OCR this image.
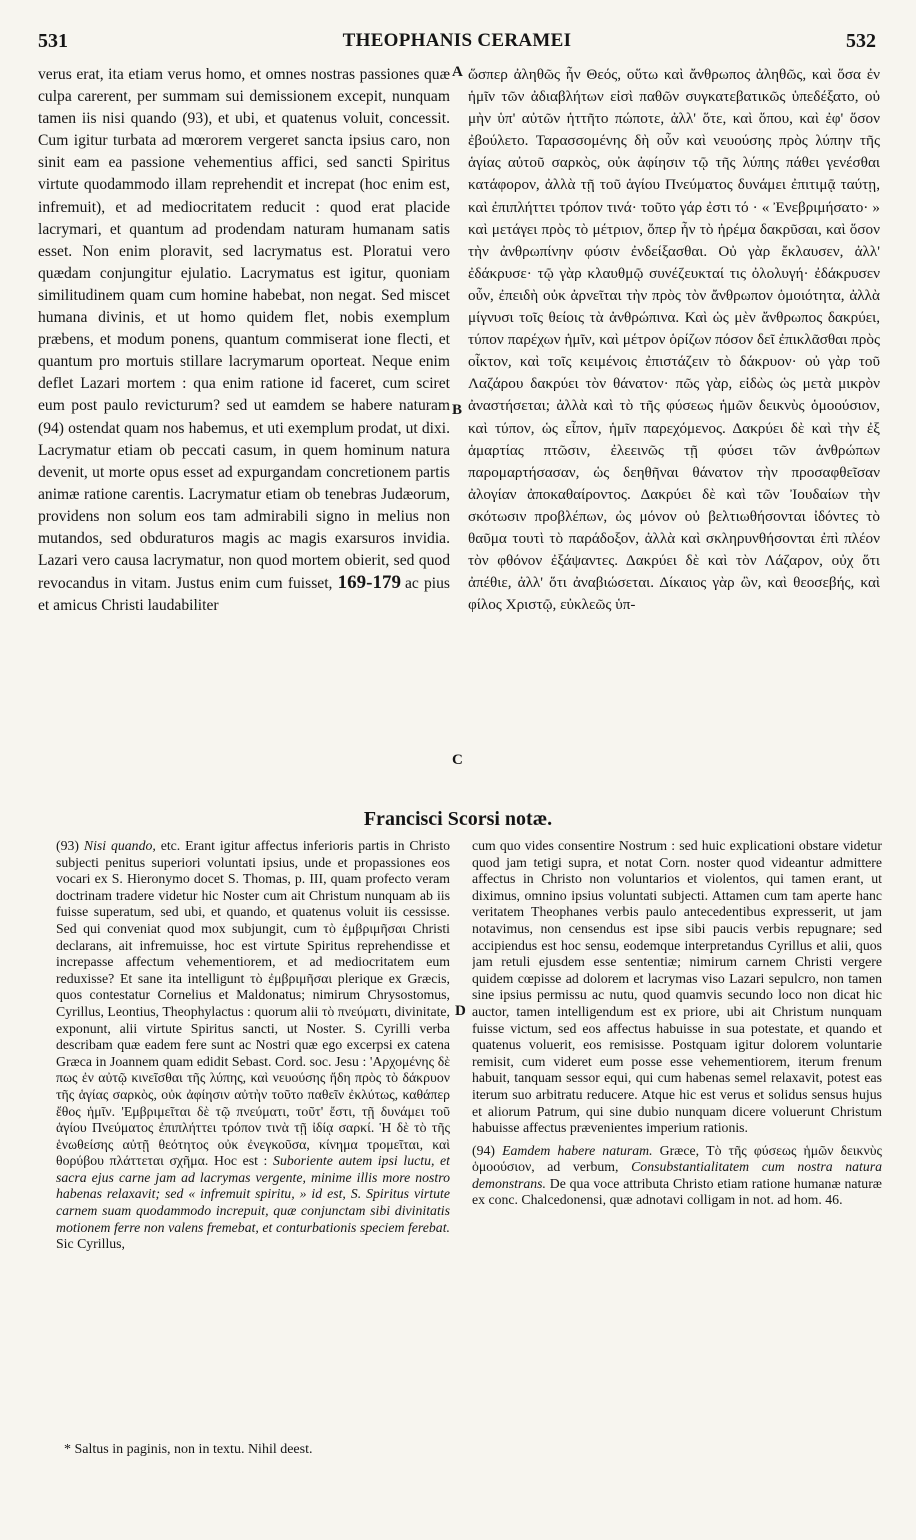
531	THEOPHANIS CERAMEI	532

verus erat, ita etiam verus homo, et omnes nostras passiones quæ culpa carerent, per summam sui demissionem excepit, nunquam tamen iis nisi quando (93), et ubi, et quatenus voluit, concessit. Cum igitur turbata ad mœrorem vergeret sancta ipsius caro, non sinit eam ea passione vehementius affici, sed sancti Spiritus virtute quodammodo illam reprehendit et increpat (hoc enim est, infremuit), et ad mediocritatem reducit : quod erat placide lacrymari, et quantum ad prodendam naturam humanam satis esset. Non enim ploravit, sed lacrymatus est. Ploratui vero quædam conjungitur ejulatio. Lacrymatus est igitur, quoniam similitudinem quam cum homine habebat, non negat. Sed miscet humana divinis, et ut homo quidem flet, nobis exemplum præbens, et modum ponens, quantum commiserat ione flecti, et quantum pro mortuis stillare lacrymarum oporteat. Neque enim deflet Lazari mortem : qua enim ratione id faceret, cum sciret eum post paulo revicturum? sed ut eamdem se habere naturam (94) ostendat quam nos habemus, et uti exemplum prodat, ut dixi. Lacrymatur etiam ob peccati casum, in quem hominum natura devenit, ut morte opus esset ad expurgandam concretionem partis animæ ratione carentis. Lacrymatur etiam ob tenebras Judæorum, providens non solum eos tam admirabili signo in melius non mutandos, sed obduraturos magis ac magis exarsuros invidia. Lazari vero causa lacrymatur, non quod mortem obierit, sed quod revocandus in vitam. Justus enim cum fuisset, 169-179 ac pius et amicus Christi laudabiliter

A
B
C
D

ὥσπερ ἀληθῶς ἦν Θεός, οὕτω καὶ ἄνθρωπος ἀληθῶς, καὶ ὅσα ἐν ἡμῖν τῶν ἀδιαβλήτων εἰσὶ παθῶν συγκατεβατικῶς ὑπεδέξατο, οὐ μὴν ὑπ' αὐτῶν ἡττῆτο πώποτε, ἀλλ' ὅτε, καὶ ὅπου, καὶ ἐφ' ὅσον ἐβούλετο. Ταρασσομένης δὴ οὖν καὶ νευούσης πρὸς λύπην τῆς ἁγίας αὐτοῦ σαρκὸς, οὐκ ἀφίησιν τῷ τῆς λύπης πάθει γενέσθαι κατάφορον, ἀλλὰ τῇ τοῦ ἁγίου Πνεύματος δυνάμει ἐπιτιμᾷ ταύτῃ, καὶ ἐπιπλήττει τρόπον τινά· τοῦτο γάρ ἐστι τό · « Ἐνεβριμήσατο· » καὶ μετάγει πρὸς τὸ μέτριον, ὅπερ ἦν τὸ ἠρέμα δακρῦσαι, καὶ ὅσον τὴν ἀνθρωπίνην φύσιν ἐνδείξασθαι. Οὐ γὰρ ἔκλαυσεν, ἀλλ' ἐδάκρυσε· τῷ γὰρ κλαυθμῷ συνέζευκταί τις ὀλολυγή· ἐδάκρυσεν οὖν, ἐπειδὴ οὐκ ἀρνεῖται τὴν πρὸς τὸν ἄνθρωπον ὁμοιότητα, ἀλλὰ μίγνυσι τοῖς θείοις τὰ ἀνθρώπινα. Καὶ ὡς μὲν ἄνθρωπος δακρύει, τύπον παρέχων ἡμῖν, καὶ μέτρον ὁρίζων πόσον δεῖ ἐπικλᾶσθαι πρὸς οἶκτον, καὶ τοῖς κειμένοις ἐπιστάζειν τὸ δάκρυον· οὐ γὰρ τοῦ Λαζάρου δακρύει τὸν θάνατον· πῶς γὰρ, εἰδὼς ὡς μετὰ μικρὸν ἀναστήσεται; ἀλλὰ καὶ τὸ τῆς φύσεως ἡμῶν δεικνὺς ὁμοούσιον, καὶ τύπον, ὡς εἶπον, ἡμῖν παρεχόμενος. Δακρύει δὲ καὶ τὴν ἐξ ἁμαρτίας πτῶσιν, ἐλεεινῶς τῇ φύσει τῶν ἀνθρώπων παρομαρτήσασαν, ὡς δεηθῆναι θάνατον τὴν προσαφθεῖσαν ἀλογίαν ἀποκαθαίροντος. Δακρύει δὲ καὶ τῶν Ἰουδαίων τὴν σκότωσιν προβλέπων, ὡς μόνον οὐ βελτιωθήσονται ἰδόντες τὸ θαῦμα τουτὶ τὸ παράδοξον, ἀλλὰ καὶ σκληρυνθήσονται ἐπὶ πλέον τὸν φθόνον ἐξάψαντες. Δακρύει δὲ καὶ τὸν Λάζαρον, οὐχ ὅτι ἀπέθιε, ἀλλ' ὅτι ἀναβιώσεται. Δίκαιος γὰρ ὢν, καὶ θεοσεβής, καὶ φίλος Χριστῷ, εὐκλεῶς ὑπ-

Francisci Scorsi notæ.

(93) Nisi quando, etc. Erant igitur affectus inferioris partis in Christo subjecti penitus superiori voluntati ipsius, unde et propassiones eos vocari ex S. Hieronymo docet S. Thomas, p. III, quam profecto veram doctrinam tradere videtur hic Noster cum ait Christum nunquam ab iis fuisse superatum, sed ubi, et quando, et quatenus voluit iis cessisse. Sed qui conveniat quod mox subjungit, cum τὸ ἐμβριμῆσαι Christi declarans, ait infremuisse, hoc est virtute Spiritus reprehendisse et increpasse affectum vehementiorem, et ad mediocritatem eum reduxisse? Et sane ita intelligunt τὸ ἐμβριμῆσαι plerique ex Græcis, quos contestatur Cornelius et Maldonatus; nimirum Chrysostomus, Cyrillus, Leontius, Theophylactus : quorum alii τὸ πνεύματι, divinitate, exponunt, alii virtute Spiritus sancti, ut Noster. S. Cyrilli verba describam quæ eadem fere sunt ac Nostri quæ ego excerpsi ex catena Græca in Joannem quam edidit Sebast. Cord. soc. Jesu : 'Αρχομένης δὲ πως ἐν αὐτῷ κινεῖσθαι τῆς λύπης, καὶ νευούσης ἤδη πρὸς τὸ δάκρυον τῆς ἁγίας σαρκὸς, οὐκ ἀφίησιν αὐτὴν τοῦτο παθεῖν ἐκλύτως, καθάπερ ἔθος ἡμῖν. 'Εμβριμεῖται δὲ τῷ πνεύματι, τοῦτ' ἔστι, τῇ δυνάμει τοῦ ἁγίου Πνεύματος ἐπιπλήττει τρόπον τινὰ τῇ ἰδίᾳ σαρκί. Ἡ δὲ τὸ τῆς ἑνωθείσης αὐτῇ θεότητος οὐκ ἐνεγκοῦσα, κίνημα τρομεῖται, καὶ θορύβου πλάττεται σχῆμα. Hoc est : Suboriente autem ipsi luctu, et sacra ejus carne jam ad lacrymas vergente, minime illis more nostro habenas relaxavit; sed « infremuit spiritu, » id est, S. Spiritus virtute carnem suam quodammodo increpuit, quæ conjunctam sibi divinitatis motionem ferre non valens fremebat, et conturbationis speciem ferebat. Sic Cyrillus,

cum quo vides consentire Nostrum : sed huic explicationi obstare videtur quod jam tetigi supra, et notat Corn. noster quod videantur admittere affectus in Christo non voluntarios et violentos, qui tamen erant, ut diximus, omnino ipsius voluntati subjecti. Attamen cum tam aperte hanc veritatem Theophanes verbis paulo antecedentibus expresserit, ut jam notavimus, non censendus est ipse sibi paucis verbis repugnare; sed accipiendus est hoc sensu, eodemque interpretandus Cyrillus et alii, quos jam retuli ejusdem esse sententiæ; nimirum carnem Christi vergere quidem cœpisse ad dolorem et lacrymas viso Lazari sepulcro, non tamen sine ipsius permissu ac nutu, quod quamvis secundo loco non dicat hic auctor, tamen intelligendum est ex priore, ubi ait Christum nunquam fuisse victum, sed eos affectus habuisse in sua potestate, et quando et quatenus voluerit, eos remisisse. Postquam igitur dolorem voluntarie remisit, cum videret eum posse esse vehementiorem, iterum frenum habuit, tanquam sessor equi, qui cum habenas semel relaxavit, potest eas iterum suo arbitratu reducere. Atque hic est verus et solidus sensus hujus et aliorum Patrum, qui sine dubio nunquam dicere voluerunt Christum habuisse affectus prævenientes imperium rationis.

(94) Eamdem habere naturam. Græce, Τὸ τῆς φύσεως ἡμῶν δεικνὺς ὁμοούσιον, ad verbum, Consubstantialitatem cum nostra natura demonstrans. De qua voce attributa Christo etiam ratione humanæ naturæ ex conc. Chalcedonensi, quæ adnotavi colligam in not. ad hom. 46.

* Saltus in paginis, non in textu. Nihil deest.
